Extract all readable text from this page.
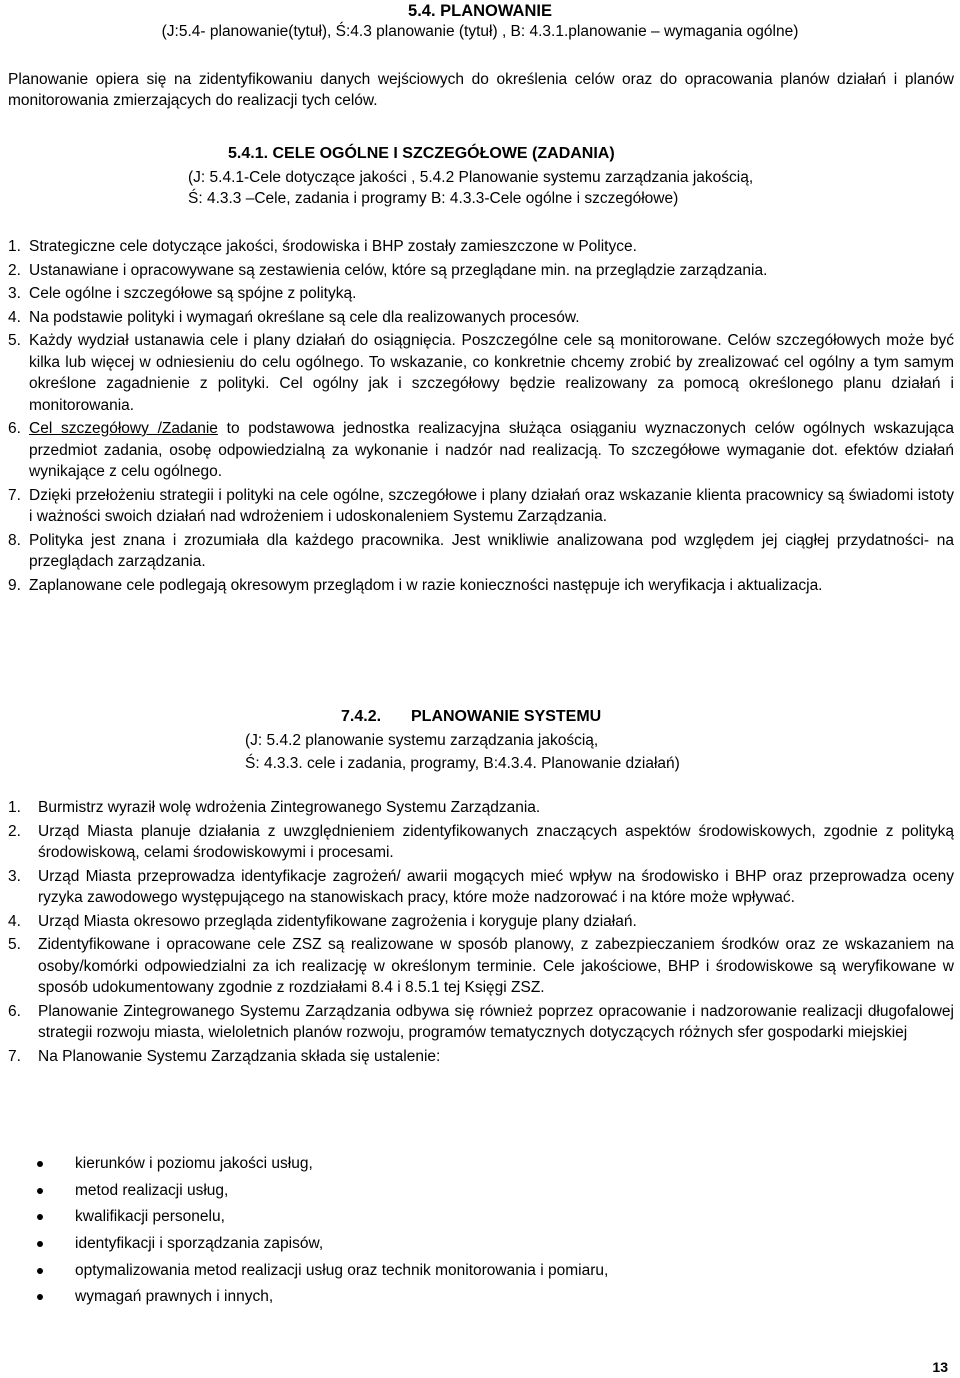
5.4. PLANOWANIE
(J:5.4- planowanie(tytuł), Ś:4.3 planowanie (tytuł) , B: 4.3.1.planowanie – wymagania ogólne)
Planowanie opiera się na zidentyfikowaniu danych wejściowych do określenia celów oraz do opracowania planów działań i planów monitorowania zmierzających do realizacji tych celów.
5.4.1. CELE OGÓLNE I SZCZEGÓŁOWE (ZADANIA)
(J: 5.4.1-Cele dotyczące jakości , 5.4.2 Planowanie systemu zarządzania jakością,
Ś: 4.3.3 –Cele, zadania i programy B: 4.3.3-Cele ogólne i szczegółowe)
1. Strategiczne cele dotyczące jakości, środowiska i BHP zostały zamieszczone w Polityce.
2. Ustanawiane i opracowywane są zestawienia celów, które są przeglądane min. na przeglądzie zarządzania.
3. Cele ogólne i szczegółowe są spójne z polityką.
4. Na podstawie polityki i wymagań określane są cele dla realizowanych procesów.
5. Każdy wydział ustanawia cele i plany działań do osiągnięcia. Poszczególne cele są monitorowane. Celów szczegółowych może być kilka lub więcej w odniesieniu do celu ogólnego. To wskazanie, co konkretnie chcemy zrobić by zrealizować cel ogólny a tym samym określone zagadnienie z polityki. Cel ogólny jak i szczegółowy będzie realizowany za pomocą określonego planu działań i monitorowania.
6. Cel szczegółowy /Zadanie to podstawowa jednostka realizacyjna służąca osiąganiu wyznaczonych celów ogólnych wskazująca przedmiot zadania, osobę odpowiedzialną za wykonanie i nadzór nad realizacją. To szczegółowe wymaganie dot. efektów działań wynikające z celu ogólnego.
7. Dzięki przełożeniu strategii i polityki na cele ogólne, szczegółowe i plany działań oraz wskazanie klienta pracownicy są świadomi istoty i ważności swoich działań nad wdrożeniem i udoskonaleniem Systemu Zarządzania.
8. Polityka jest znana i zrozumiała dla każdego pracownika. Jest wnikliwie analizowana pod względem jej ciągłej przydatności- na przeglądach zarządzania.
9. Zaplanowane cele podlegają okresowym przeglądom i w razie konieczności następuje ich weryfikacja i aktualizacja.
7.4.2. PLANOWANIE SYSTEMU
(J: 5.4.2 planowanie systemu zarządzania jakością,
Ś: 4.3.3. cele i zadania, programy, B:4.3.4. Planowanie działań)
1.	Burmistrz wyraził wolę wdrożenia Zintegrowanego Systemu Zarządzania.
2.	Urząd Miasta planuje działania z uwzględnieniem zidentyfikowanych znaczących aspektów środowiskowych, zgodnie z polityką środowiskową, celami środowiskowymi i procesami.
3.	Urząd Miasta przeprowadza identyfikacje zagrożeń/ awarii mogących mieć wpływ na środowisko i BHP oraz przeprowadza oceny ryzyka zawodowego występującego na stanowiskach pracy, które może nadzorować i na które może wpływać.
4.	Urząd Miasta okresowo przegląda zidentyfikowane zagrożenia i koryguje plany działań.
5.	Zidentyfikowane i opracowane cele ZSZ są realizowane w sposób planowy, z zabezpieczaniem środków oraz ze wskazaniem na osoby/komórki odpowiedzialni za ich realizację w określonym terminie. Cele jakościowe, BHP i środowiskowe są weryfikowane w sposób udokumentowany zgodnie z rozdziałami 8.4 i 8.5.1 tej Księgi ZSZ.
6.	Planowanie Zintegrowanego Systemu Zarządzania odbywa się również poprzez opracowanie i nadzorowanie realizacji długofalowej strategii rozwoju miasta, wieloletnich planów rozwoju, programów tematycznych dotyczących różnych sfer gospodarki miejskiej
7.	Na Planowanie Systemu Zarządzania składa się ustalenie:
kierunków i poziomu jakości usług,
metod realizacji usług,
kwalifikacji personelu,
identyfikacji i sporządzania zapisów,
optymalizowania metod realizacji usług oraz technik monitorowania i pomiaru,
wymagań prawnych i innych,
13
